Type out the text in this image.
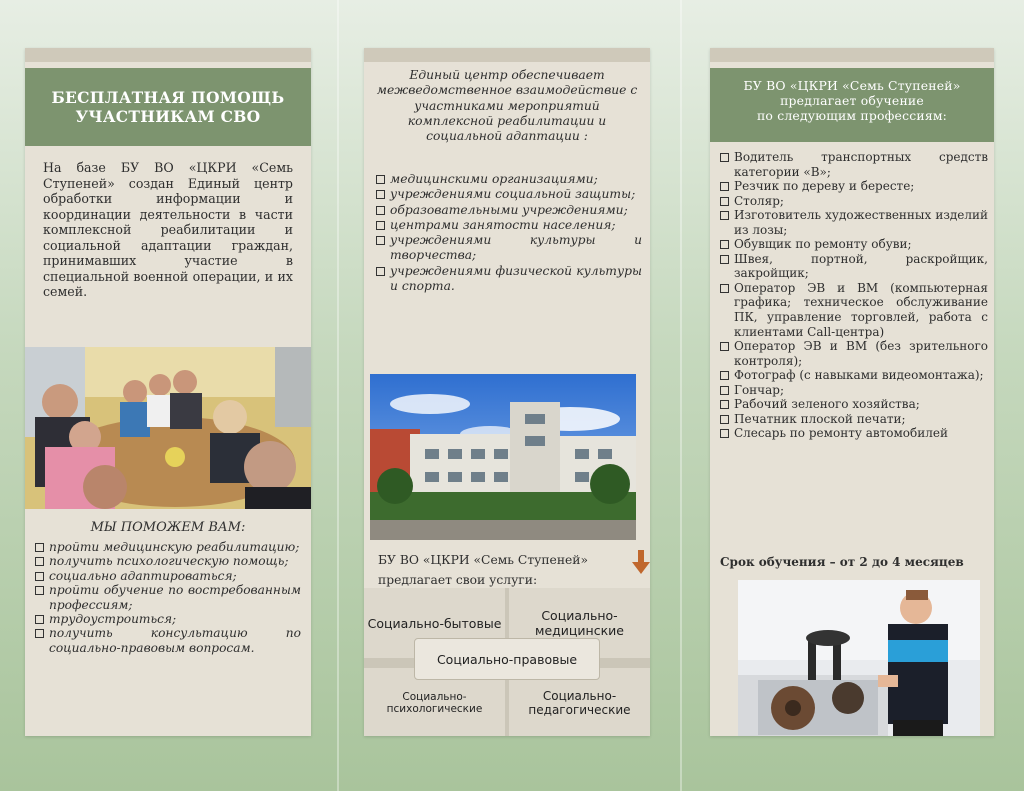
БЕСПЛАТНАЯ ПОМОЩЬ
УЧАСТНИКАМ СВО

На базе БУ ВО «ЦКРИ «Семь Ступеней» создан Единый центр обработки информации и координации деятельности в части комплексной реабилитации и социальной адаптации граждан, принимавших участие в специальной военной операции, и их семей.

МЫ ПОМОЖЕМ ВАМ:
пройти медицинскую реабилитацию;
получить психологическую помощь;
социально адаптироваться;
пройти обучение по востребованным профессиям;
трудоустроиться;
получить консультацию по социально-правовым вопросам.

Единый центр обеспечивает межведомственное взаимодействие с участниками мероприятий комплексной реабилитации и социальной адаптации :

медицинскими организациями;
учреждениями социальной защиты;
образовательными учреждениями;
центрами занятости населения;
учреждениями культуры и творчества;
учреждениями физической культуры и спорта.
БУ ВО «ЦКРИ «Семь Ступеней»
предлагает свои услуги:
Социально-бытовые	Социально-медицинские
Социально-правовые
Социально-психологические
Социально-педагогические
БУ ВО «ЦКРИ «Семь Ступеней»
предлагает обучение
по следующим профессиям:
Водитель транспортных средств категории «В»;
Резчик по дереву и бересте;
Столяр;
Изготовитель художественных изделий из лозы;
Обувщик по ремонту обуви;
Швея, портной, раскройщик, закройщик;
Оператор ЭВ и ВМ (компьютерная графика; техническое обслуживание ПК, управление торговлей, работа с клиентами Call-центра)
Оператор ЭВ и ВМ (без зрительного контроля);
Фотограф (с навыками видеомонтажа);
Гончар;
Рабочий зеленого хозяйства;
Печатник плоской печати;
Слесарь по ремонту автомобилей
Срок обучения – от 2 до 4 месяцев
